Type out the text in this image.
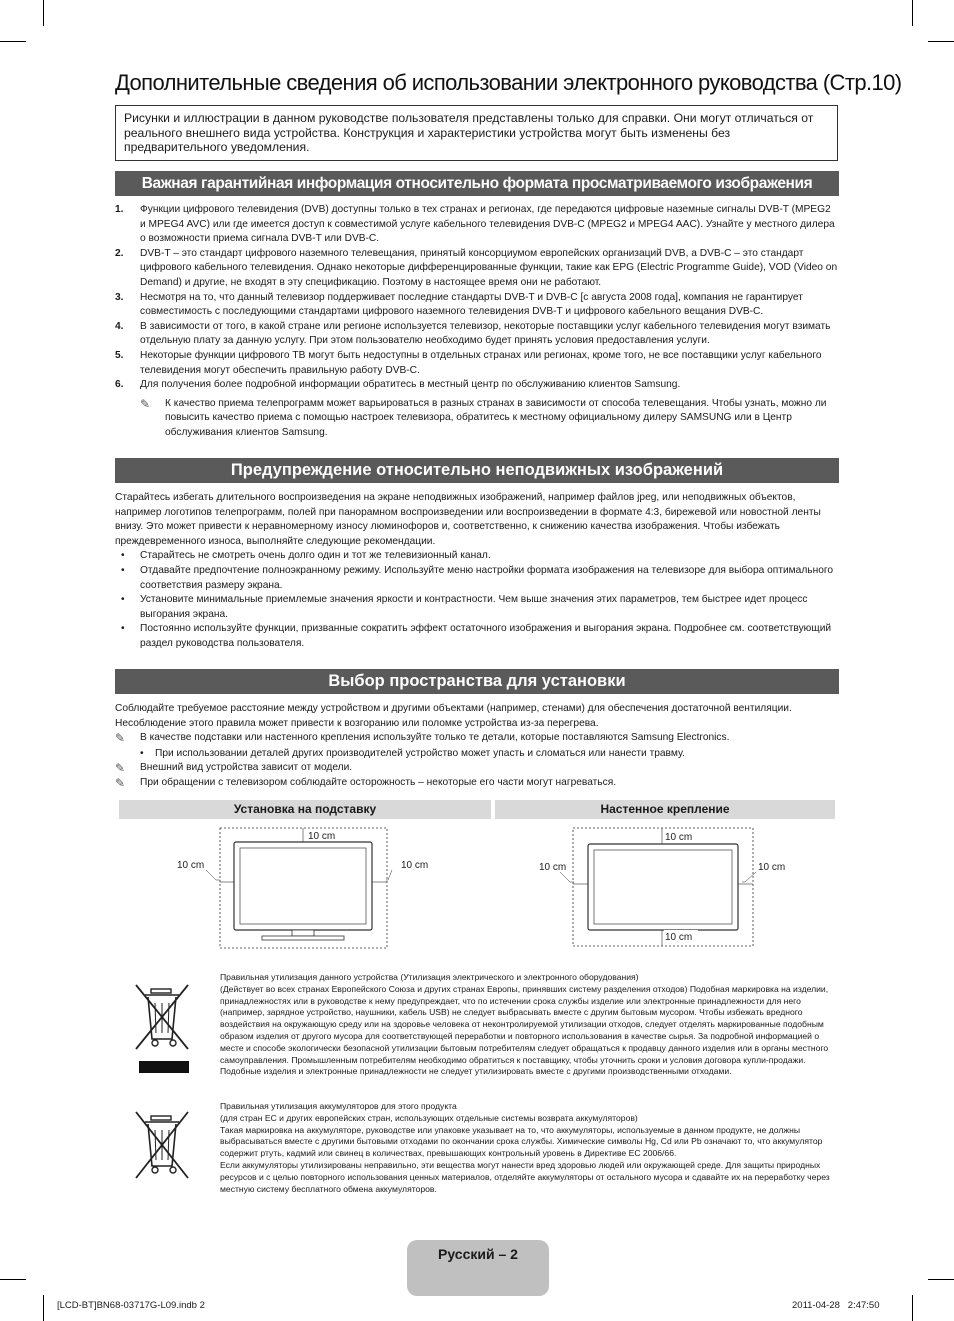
Дополнительные сведения об использовании электронного руководства (Стр.10)
Рисунки и иллюстрации в данном руководстве пользователя представлены только для справки. Они могут отличаться от реального внешнего вида устройства. Конструкция и характеристики устройства могут быть изменены без предварительного уведомления.
Важная гарантийная информация относительно формата просматриваемого изображения
1.	Функции цифрового телевидения (DVB) доступны только в тех странах и регионах, где передаются цифровые наземные сигналы DVB-T (MPEG2 и MPEG4 AVC) или где имеется доступ к совместимой услуге кабельного телевидения DVB-C (MPEG2 и MPEG4 AAC). Узнайте у местного дилера о возможности приема сигнала DVB-T или DVB-C.
2.	DVB-T – это стандарт цифрового наземного телевещания, принятый консорциумом европейских организаций DVB, а DVB-C – это стандарт цифрового кабельного телевидения. Однако некоторые дифференцированные функции, такие как EPG (Electric Programme Guide), VOD (Video on Demand) и другие, не входят в эту спецификацию. Поэтому в настоящее время они не работают.
3.	Несмотря на то, что данный телевизор поддерживает последние стандарты DVB-T и DVB-C [с августа 2008 года], компания не гарантирует совместимость с последующими стандартами цифрового наземного телевидения DVB-T и цифрового кабельного вещания DVB-C.
4.	В зависимости от того, в какой стране или регионе используется телевизор, некоторые поставщики услуг кабельного телевидения могут взимать отдельную плату за данную услугу. При этом пользователю необходимо будет принять условия предоставления услуги.
5.	Некоторые функции цифрового ТВ могут быть недоступны в отдельных странах или регионах, кроме того, не все поставщики услуг кабельного телевидения могут обеспечить правильную работу DVB-C.
6.	Для получения более подробной информации обратитесь в местный центр по обслуживанию клиентов Samsung.
✎	К качество приема телепрограмм может варьироваться в разных странах в зависимости от способа телевещания. Чтобы узнать, можно ли повысить качество приема с помощью настроек телевизора, обратитесь к местному официальному дилеру SAMSUNG или в Центр обслуживания клиентов Samsung.
Предупреждение относительно неподвижных изображений
Старайтесь избегать длительного воспроизведения на экране неподвижных изображений, например файлов jpeg, или неподвижных объектов, например логотипов телепрограмм, полей при панорамном воспроизведении или воспроизведении в формате 4:3, бирежевой или новостной ленты внизу. Это может привести к неравномерному износу люминофоров и, соответственно, к снижению качества изображения. Чтобы избежать преждевременного износа, выполняйте следующие рекомендации.
•	Старайтесь не смотреть очень долго один и тот же телевизионный канал.
•	Отдавайте предпочтение полноэкранному режиму. Используйте меню настройки формата изображения на телевизоре для выбора оптимального соответствия размеру экрана.
•	Установите минимальные приемлемые значения яркости и контрастности. Чем выше значения этих параметров, тем быстрее идет процесс выгорания экрана.
•	Постоянно используйте функции, призванные сократить эффект остаточного изображения и выгорания экрана. Подробнее см. соответствующий раздел руководства пользователя.
Выбор пространства для установки
Соблюдайте требуемое расстояние между устройством и другими объектами (например, стенами) для обеспечения достаточной вентиляции. Несоблюдение этого правила может привести к возгоранию или поломке устройства из-за перегрева.
✎	В качестве подставки или настенного крепления используйте только те детали, которые поставляются Samsung Electronics.
•	При использовании деталей других производителей устройство может упасть и сломаться или нанести травму.
✎	Внешний вид устройства зависит от модели.
✎	При обращении с телевизором соблюдайте осторожность – некоторые его части могут нагреваться.
Установка на подставку	Настенное крепление
10 cm
10 cm	10 cm
10 cm
10 cm
10 cm	10 cm
Правильная утилизация данного устройства (Утилизация электрического и электронного оборудования)
(Действует во всех странах Европейского Союза и других странах Европы, принявших систему разделения отходов) Подобная маркировка на изделии, принадлежностях или в руководстве к нему предупреждает, что по истечении срока службы изделие или электронные принадлежности для него (например, зарядное устройство, наушники, кабель USB) не следует выбрасывать вместе с другим бытовым мусором. Чтобы избежать вредного воздействия на окружающую среду или на здоровье человека от неконтролируемой утилизации отходов, следует отделять маркированные подобным образом изделия от другого мусора для соответствующей переработки и повторного использования в качестве сырья. За подробной информацией о месте и способе экологически безопасной утилизации бытовым потребителям следует обращаться к продавцу данного изделия или в органы местного самоуправления. Промышленным потребителям необходимо обратиться к поставщику, чтобы уточнить сроки и условия договора купли-продажи. Подобные изделия и электронные принадлежности не следует утилизировать вместе с другими производственными отходами.
Правильная утилизация аккумуляторов для этого продукта
(для стран ЕС и других европейских стран, использующих отдельные системы возврата аккумуляторов)
Такая маркировка на аккумуляторе, руководстве или упаковке указывает на то, что аккумуляторы, используемые в данном продукте, не должны выбрасываться вместе с другими бытовыми отходами по окончании срока службы. Химические символы Hg, Cd или Pb означают то, что аккумулятор содержит ртуть, кадмий или свинец в количествах, превышающих контрольный уровень в Директиве ЕС 2006/66.
Если аккумуляторы утилизированы неправильно, эти вещества могут нанести вред здоровью людей или окружающей среде. Для защиты природных ресурсов и с целью повторного использования ценных материалов, отделяйте аккумуляторы от остального мусора и сдавайте их на переработку через местную систему бесплатного обмена аккумуляторов.
Русский – 2
[LCD-BT]BN68-03717G-L09.indb 2	2011-04-28   2:47:50
